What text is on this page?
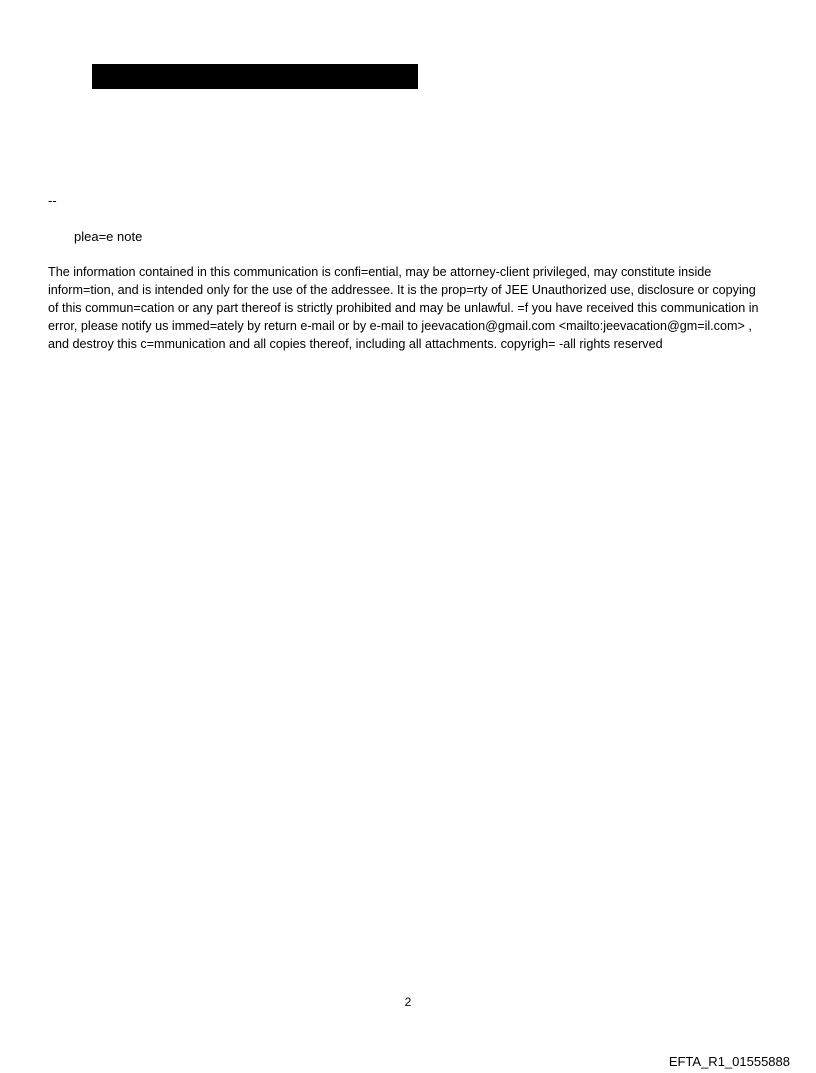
--
plea=e note

The information contained in this communication is confi=ential, may be attorney-client privileged, may constitute inside inform=tion, and is intended only for the use of the addressee. It is the prop=rty of JEE Unauthorized use, disclosure or copying of this commun=cation or any part thereof is strictly prohibited and may be unlawful. =f you have received this communication in error, please notify us immed=ately by return e-mail or by e-mail to jeevacation@gmail.com <mailto:jeevacation@gm=il.com> , and destroy this c=mmunication and all copies thereof, including all attachments. copyrigh= -all rights reserved

2
EFTA_R1_01555888
